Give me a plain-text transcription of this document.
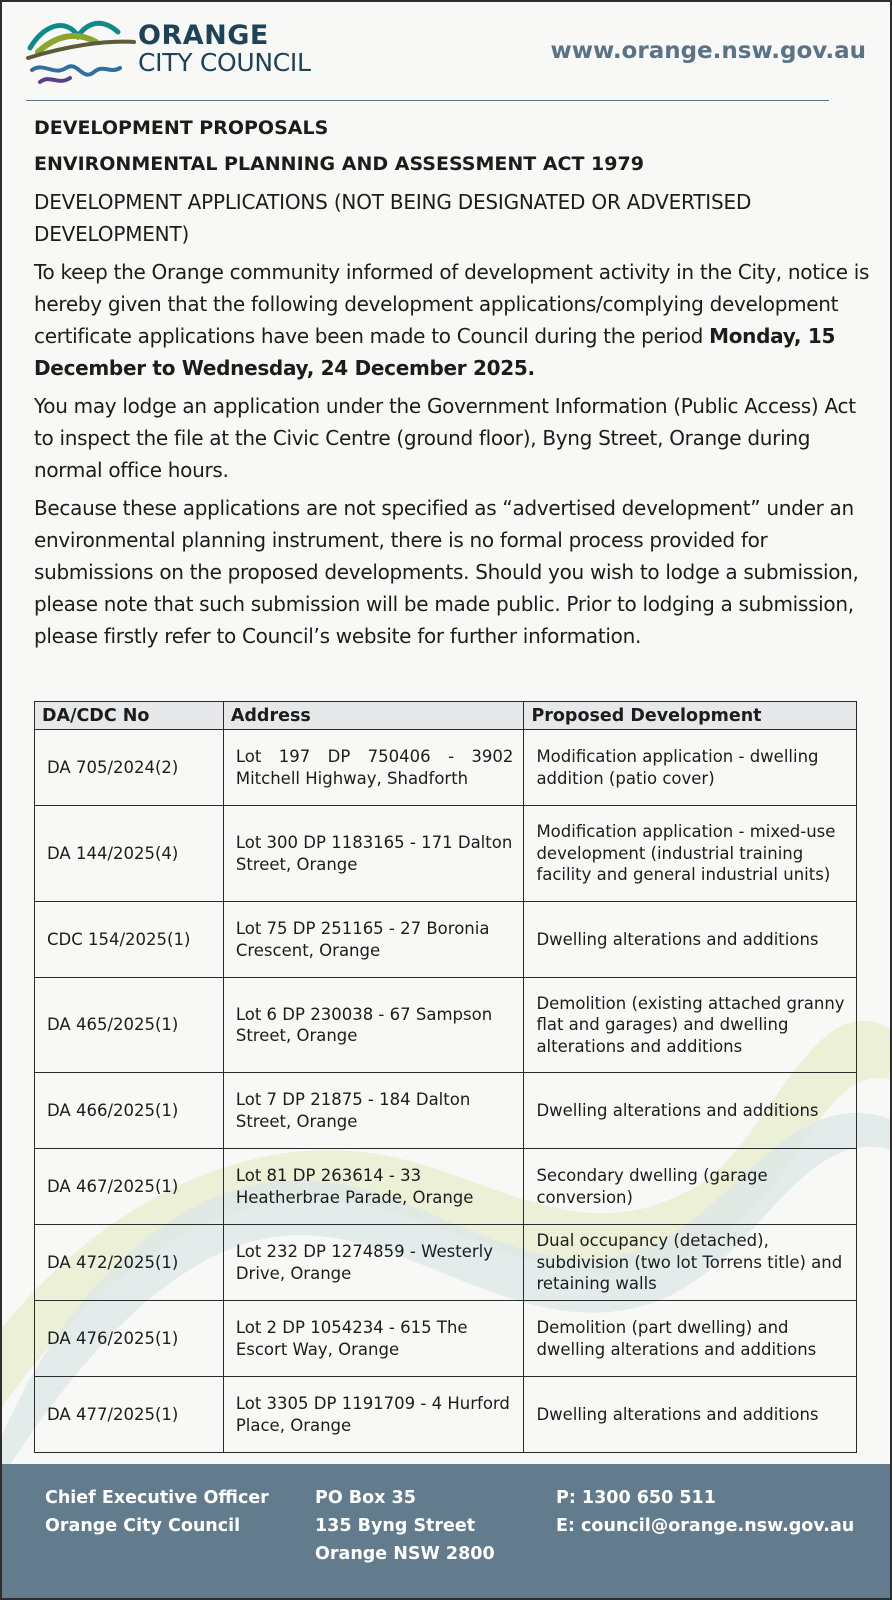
ORANGE
CITY COUNCIL	www.orange.nsw.gov.au
DEVELOPMENT PROPOSALS
ENVIRONMENTAL PLANNING AND ASSESSMENT ACT 1979
DEVELOPMENT APPLICATIONS (NOT BEING DESIGNATED OR ADVERTISED DEVELOPMENT)
To keep the Orange community informed of development activity in the City, notice is hereby given that the following development applications/complying development certificate applications have been made to Council during the period Monday, 15 December to Wednesday, 24 December 2025.
You may lodge an application under the Government Information (Public Access) Act to inspect the file at the Civic Centre (ground floor), Byng Street, Orange during normal office hours.
Because these applications are not specified as “advertised development” under an environmental planning instrument, there is no formal process provided for submissions on the proposed developments. Should you wish to lodge a submission, please note that such submission will be made public. Prior to lodging a submission, please firstly refer to Council’s website for further information.
DA/CDC No	Address	Proposed Development
DA 705/2024(2)	Lot 197 DP 750406 - 3902 Mitchell Highway, Shadforth	Modification application - dwelling addition (patio cover)
DA 144/2025(4)	Lot 300 DP 1183165 - 171 Dalton Street, Orange	Modification application - mixed-use development (industrial training facility and general industrial units)
CDC 154/2025(1)	Lot 75 DP 251165 - 27 Boronia Crescent, Orange	Dwelling alterations and additions
DA 465/2025(1)	Lot 6 DP 230038 - 67 Sampson Street, Orange	Demolition (existing attached granny flat and garages) and dwelling alterations and additions
DA 466/2025(1)	Lot 7 DP 21875 - 184 Dalton Street, Orange	Dwelling alterations and additions
DA 467/2025(1)	Lot 81 DP 263614 - 33 Heatherbrae Parade, Orange	Secondary dwelling (garage conversion)
DA 472/2025(1)	Lot 232 DP 1274859 - Westerly Drive, Orange	Dual occupancy (detached), subdivision (two lot Torrens title) and retaining walls
DA 476/2025(1)	Lot 2 DP 1054234 - 615 The Escort Way, Orange	Demolition (part dwelling) and dwelling alterations and additions
DA 477/2025(1)	Lot 3305 DP 1191709 - 4 Hurford Place, Orange	Dwelling alterations and additions
Chief Executive Officer
Orange City Council
PO Box 35
135 Byng Street
Orange NSW 2800
P: 1300 650 511
E: council@orange.nsw.gov.au
